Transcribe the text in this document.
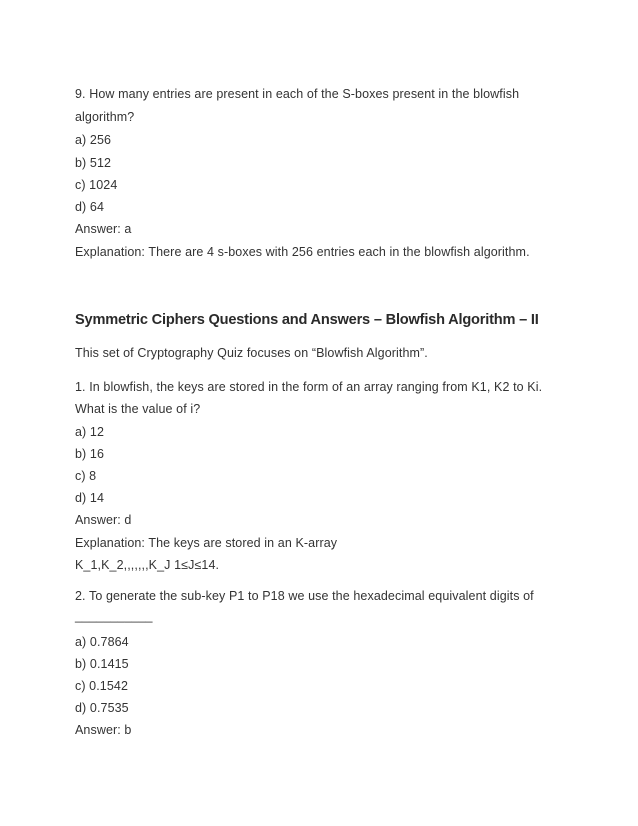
9. How many entries are present in each of the S-boxes present in the blowfish
algorithm?
a) 256
b) 512
c) 1024
d) 64
Answer: a
Explanation: There are 4 s-boxes with 256 entries each in the blowfish algorithm.
Symmetric Ciphers Questions and Answers – Blowfish Algorithm – II
This set of Cryptography Quiz focuses on “Blowfish Algorithm”.
1. In blowfish, the keys are stored in the form of an array ranging from K1, K2 to Ki.
What is the value of i?
a) 12
b) 16
c) 8
d) 14
Answer: d
Explanation: The keys are stored in an K-array
K_1,K_2,,,,,,,K_J 1≤J≤14.
2. To generate the sub-key P1 to P18 we use the hexadecimal equivalent digits of
___________
a) 0.7864
b) 0.1415
c) 0.1542
d) 0.7535
Answer: b
